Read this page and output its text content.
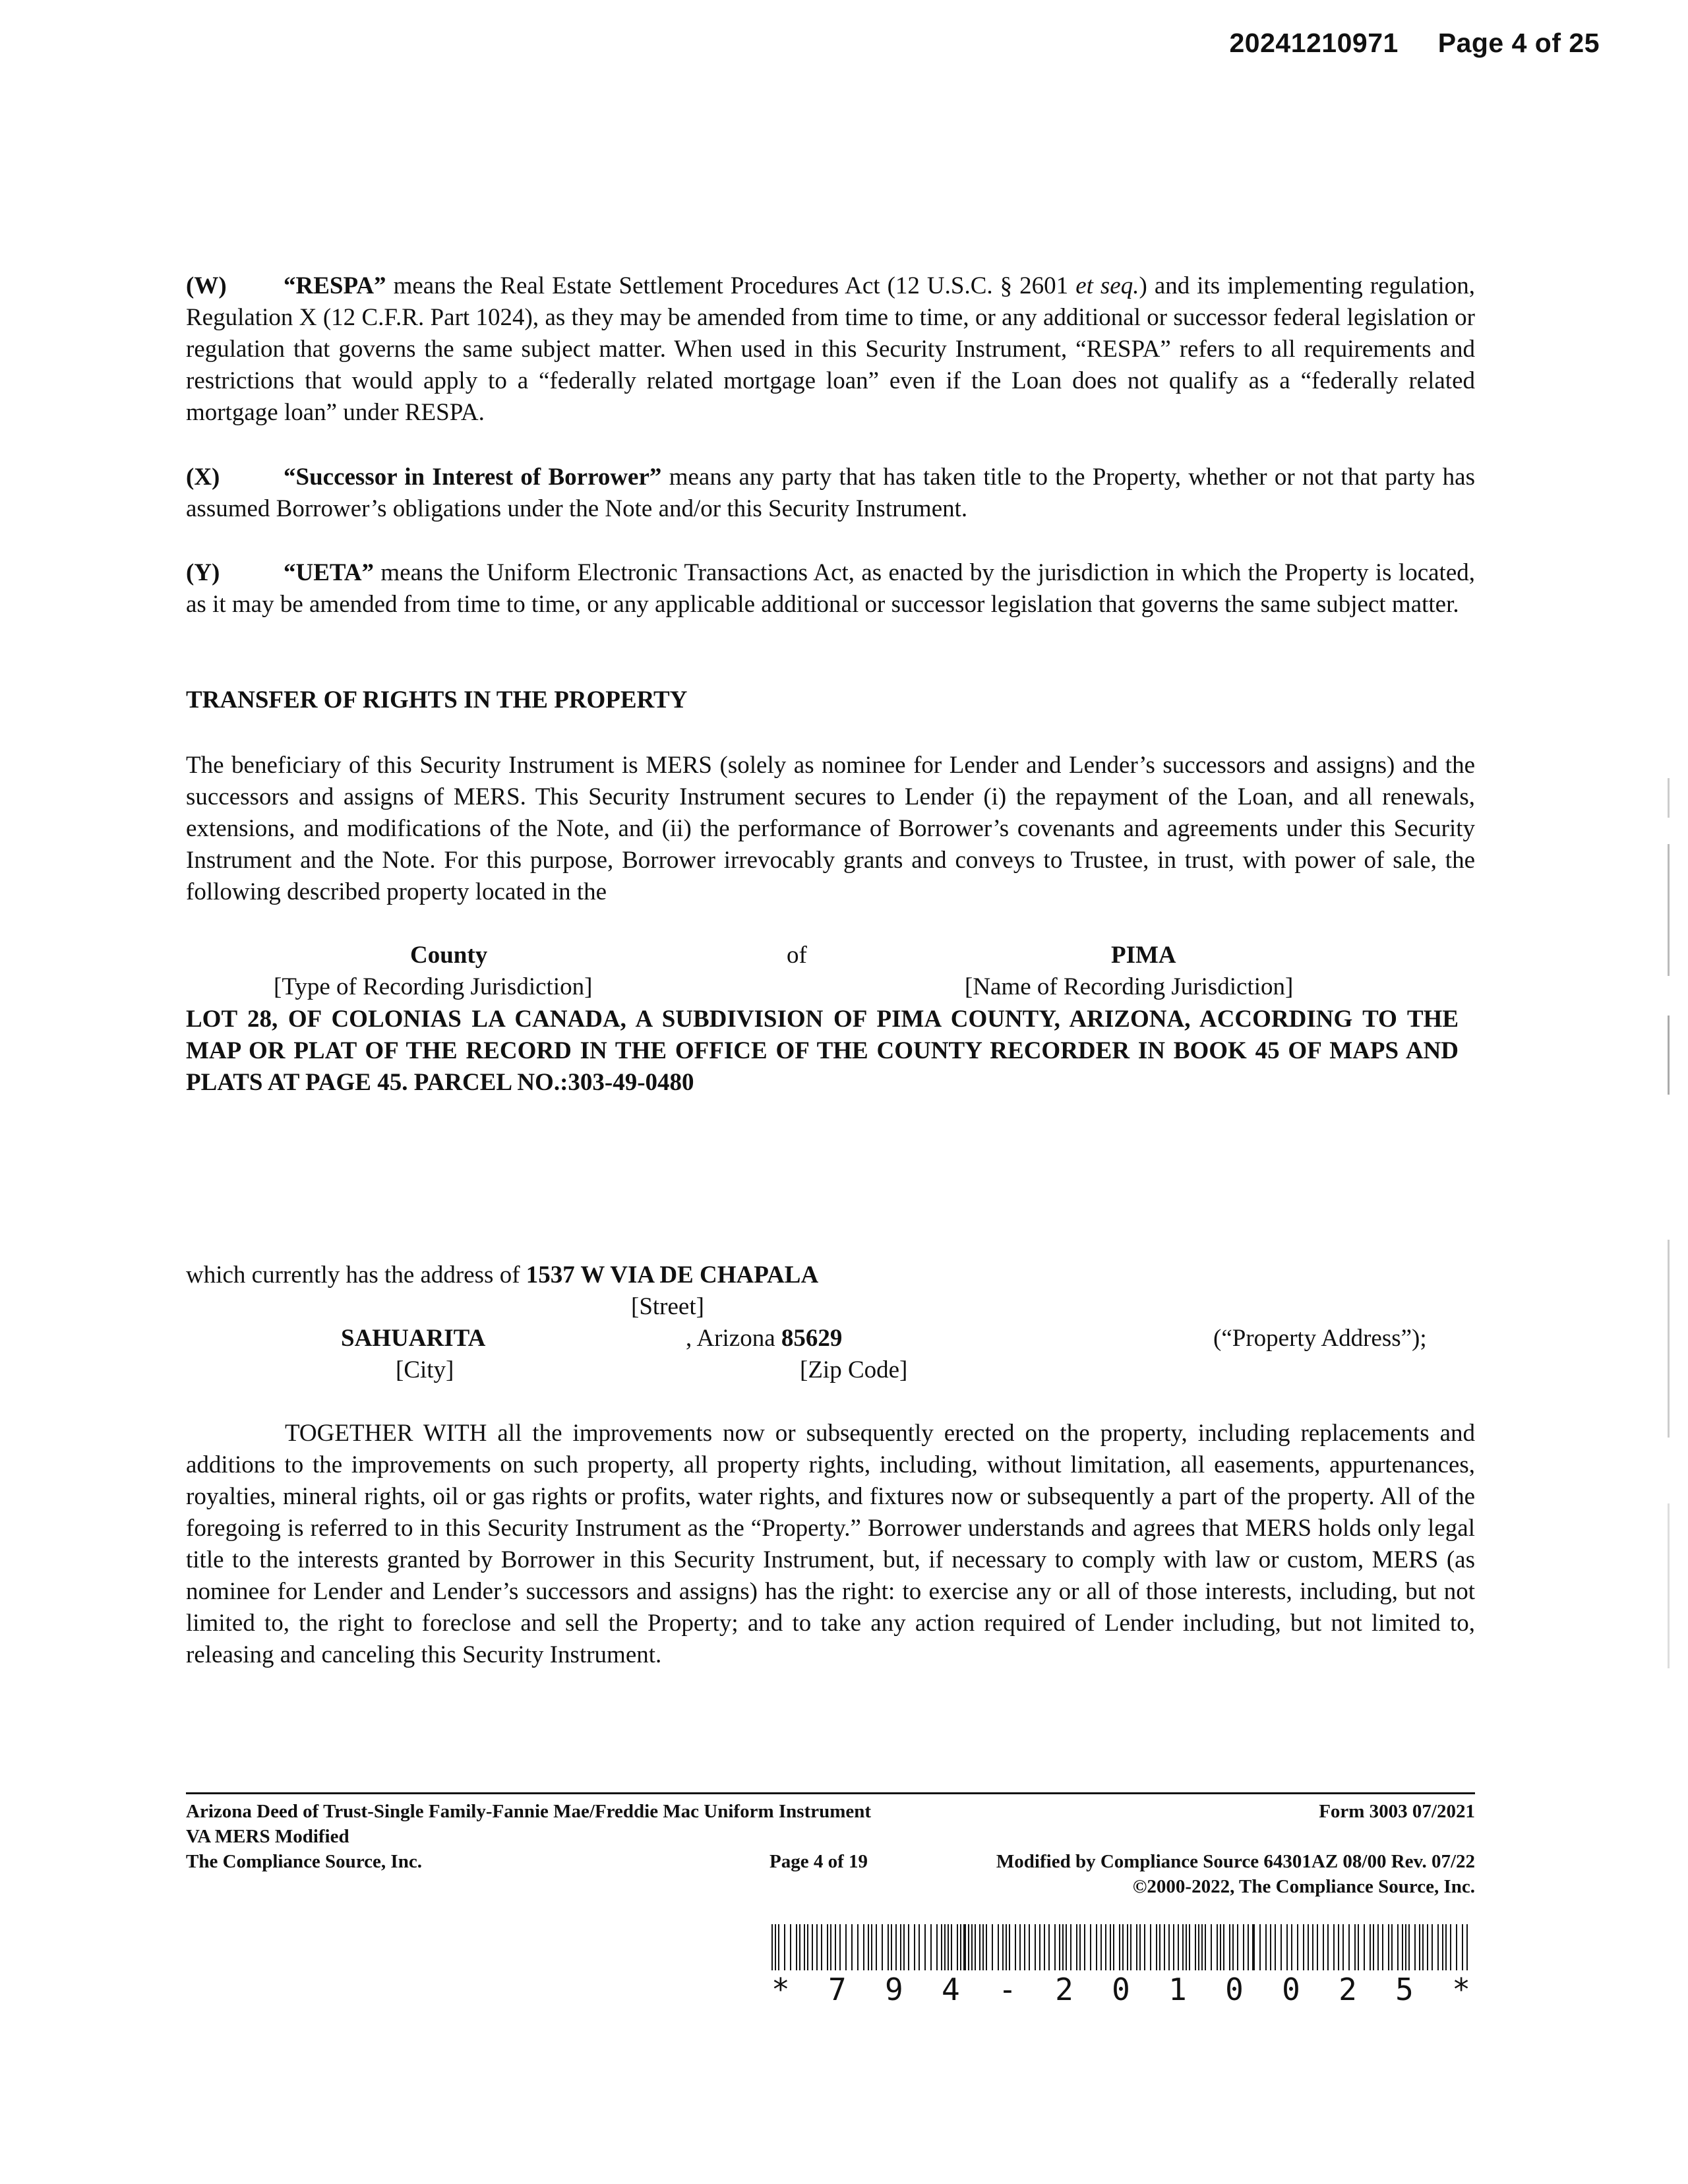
20241210971 Page 4 of 25

(W) “RESPA” means the Real Estate Settlement Procedures Act (12 U.S.C. § 2601 et seq.) and its implementing regulation, Regulation X (12 C.F.R. Part 1024), as they may be amended from time to time, or any additional or successor federal legislation or regulation that governs the same subject matter. When used in this Security Instrument, “RESPA” refers to all requirements and restrictions that would apply to a “federally related mortgage loan” even if the Loan does not qualify as a “federally related mortgage loan” under RESPA.

(X)	“Successor in Interest of Borrower” means any party that has taken title to the Property, whether or not that party has assumed Borrower’s obligations under the Note and/or this Security Instrument.

(Y)	“UETA” means the Uniform Electronic Transactions Act, as enacted by the jurisdiction in which the Property is located, as it may be amended from time to time, or any applicable additional or successor legislation that governs the same subject matter.

TRANSFER OF RIGHTS IN THE PROPERTY

The beneficiary of this Security Instrument is MERS (solely as nominee for Lender and Lender’s successors and assigns) and the successors and assigns of MERS. This Security Instrument secures to Lender (i) the repayment of the Loan, and all renewals, extensions, and modifications of the Note, and (ii) the performance of Borrower’s covenants and agreements under this Security Instrument and the Note. For this purpose, Borrower irrevocably grants and conveys to Trustee, in trust, with power of sale, the following described property located in the

County	of	PIMA
[Type of Recording Jurisdiction]	[Name of Recording Jurisdiction]
LOT 28, OF COLONIAS LA CANADA, A SUBDIVISION OF PIMA COUNTY, ARIZONA, ACCORDING TO THE MAP OR PLAT OF THE RECORD IN THE OFFICE OF THE COUNTY RECORDER IN BOOK 45 OF MAPS AND PLATS AT PAGE 45. PARCEL NO.:303-49-0480
which currently has the address of 1537 W VIA DE CHAPALA
[Street]
SAHUARITA	, Arizona 85629	(“Property Address”);
[City]	[Zip Code]

TOGETHER WITH all the improvements now or subsequently erected on the property, including replacements and additions to the improvements on such property, all property rights, including, without limitation, all easements, appurtenances, royalties, mineral rights, oil or gas rights or profits, water rights, and fixtures now or subsequently a part of the property. All of the foregoing is referred to in this Security Instrument as the “Property.” Borrower understands and agrees that MERS holds only legal title to the interests granted by Borrower in this Security Instrument, but, if necessary to comply with law or custom, MERS (as nominee for Lender and Lender’s successors and assigns) has the right: to exercise any or all of those interests, including, but not limited to, the right to foreclose and sell the Property; and to take any action required of Lender including, but not limited to, releasing and canceling this Security Instrument.

Arizona Deed of Trust-Single Family-Fannie Mae/Freddie Mac Uniform Instrument	Form 3003 07/2021
VA MERS Modified
The Compliance Source, Inc.	Page 4 of 19	Modified by Compliance Source 64301AZ 08/00 Rev. 07/22
©2000-2022, The Compliance Source, Inc.
* 7 9 4 - 2 0 1 0 0 2 5 *
